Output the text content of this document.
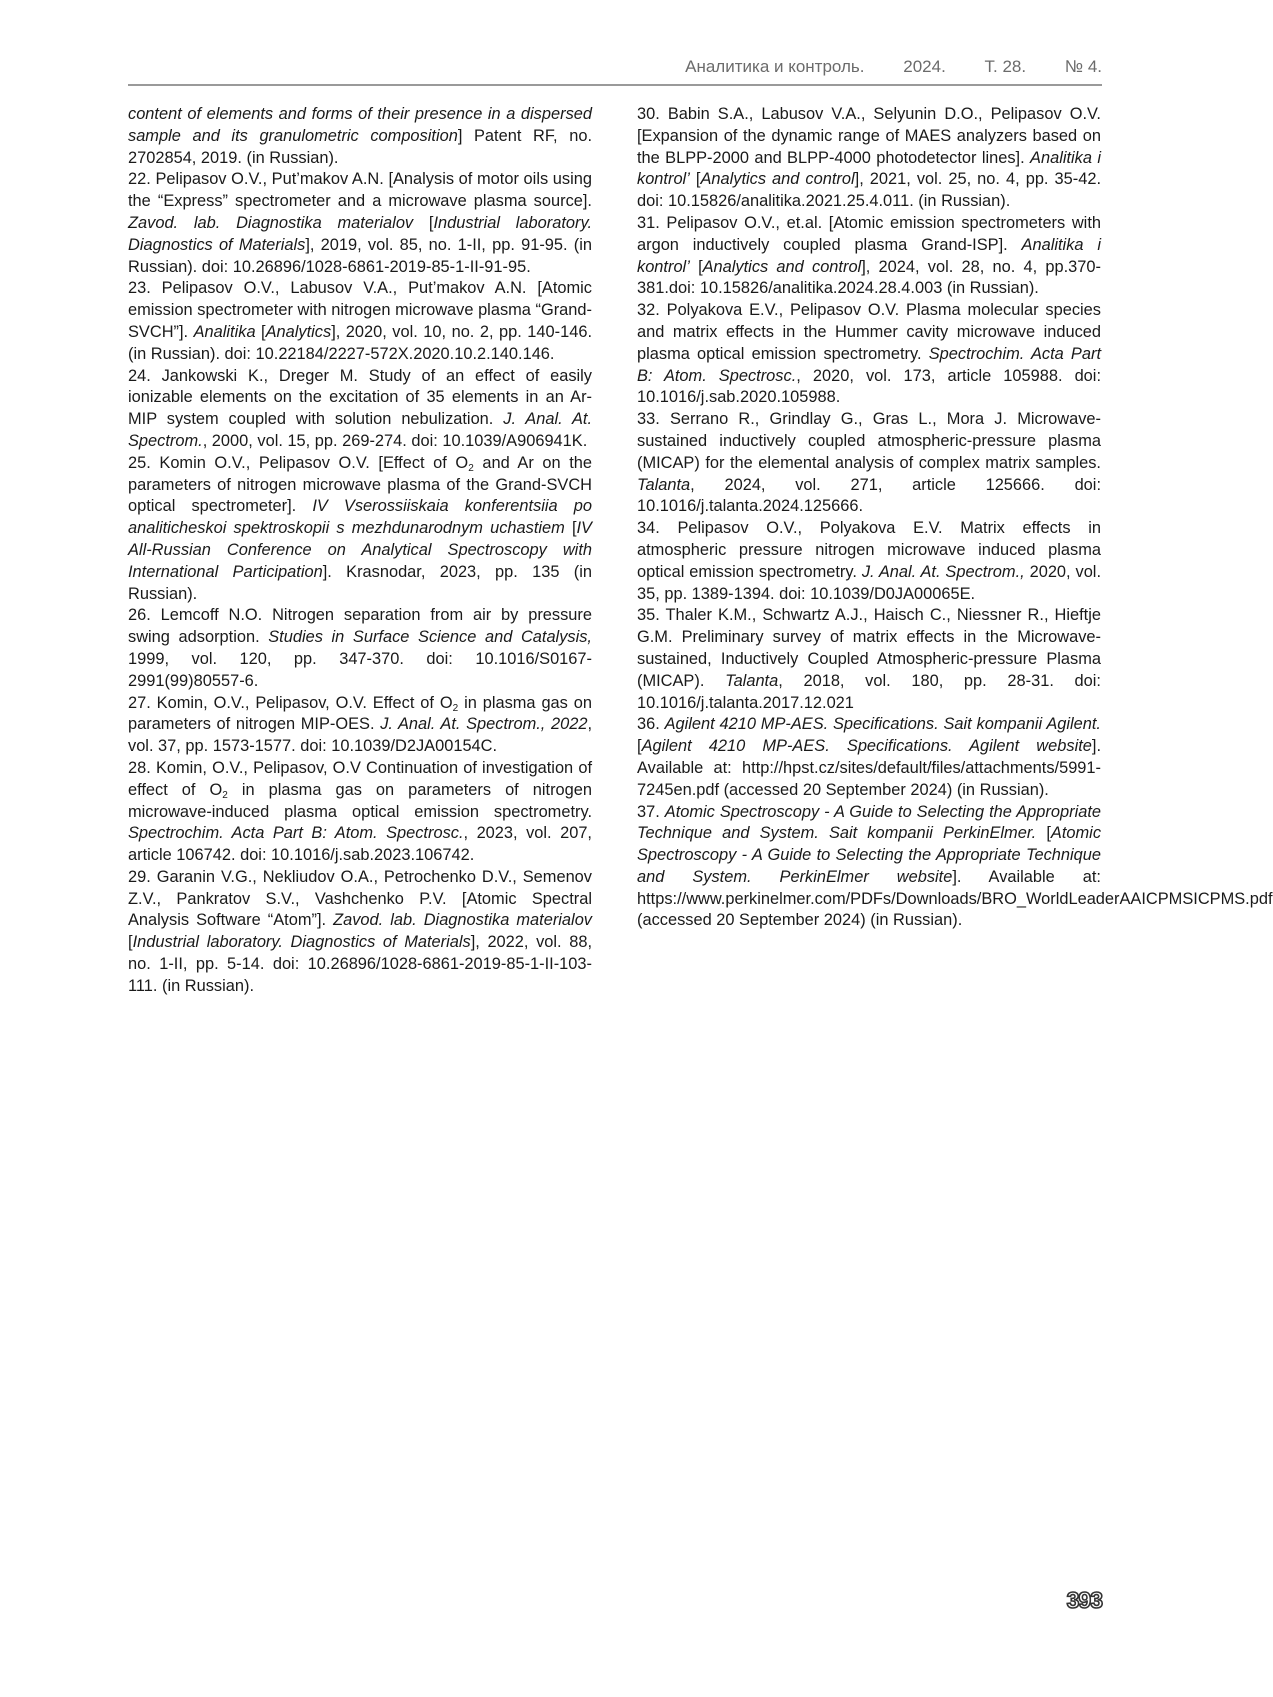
Аналитика и контроль. 2024. Т. 28. № 4.

content of elements and forms of their presence in a dispersed sample and its granulometric composition] Patent RF, no. 2702854, 2019. (in Russian).

22. Pelipasov O.V., Put’makov A.N. [Analysis of motor oils using the “Express” spectrometer and a microwave plasma source]. Zavod. lab. Diagnostika materialov [Industrial laboratory. Diagnostics of Materials], 2019, vol. 85, no. 1-II, pp. 91-95. (in Russian). doi: 10.26896/1028-6861-2019-85-1-II-91-95.

23. Pelipasov O.V., Labusov V.A., Put’makov A.N. [Atomic emission spectrometer with nitrogen microwave plasma “Grand-SVCH”]. Analitika [Analytics], 2020, vol. 10, no. 2, pp. 140-146. (in Russian). doi: 10.22184/2227-572X.2020.10.2.140.146.

24. Jankowski K., Dreger M. Study of an effect of easily ionizable elements on the excitation of 35 elements in an Ar-MIP system coupled with solution nebulization. J. Anal. At. Spectrom., 2000, vol. 15, pp. 269-274. doi: 10.1039/A906941K.

25. Komin O.V., Pelipasov O.V. [Effect of $O_2$ and Ar on the parameters of nitrogen microwave plasma of the Grand-SVCH optical spectrometer]. IV Vserossiiskaia konferentsiia po analiticheskoi spektroskopii s mezhdunarodnym uchastiem [IV All-Russian Conference on Analytical Spectroscopy with International Participation]. Krasnodar, 2023, pp. 135 (in Russian).

26. Lemcoff N.O. Nitrogen separation from air by pressure swing adsorption. Studies in Surface Science and Catalysis, 1999, vol. 120, pp. 347-370. doi: 10.1016/S0167-2991(99)80557-6.

27. Komin, O.V., Pelipasov, O.V. Effect of $O_2$ in plasma gas on parameters of nitrogen MIP-OES. J. Anal. At. Spectrom., 2022, vol. 37, pp. 1573-1577. doi: 10.1039/D2JA00154C.

28. Komin, O.V., Pelipasov, O.V Continuation of investigation of effect of $O_2$ in plasma gas on parameters of nitrogen microwave-induced plasma optical emission spectrometry. Spectrochim. Acta Part B: Atom. Spectrosc., 2023, vol. 207, article 106742. doi: 10.1016/j.sab.2023.106742.

29. Garanin V.G., Nekliudov O.A., Petrochenko D.V., Semenov Z.V., Pankratov S.V., Vashchenko P.V. [Atomic Spectral Analysis Software “Atom”]. Zavod. lab. Diagnostika materialov [Industrial laboratory. Diagnostics of Materials], 2022, vol. 88, no. 1-II, pp. 5-14. doi: 10.26896/1028-6861-2019-85-1-II-103-111. (in Russian).

30. Babin S.A., Labusov V.A., Selyunin D.O., Pelipasov O.V. [Expansion of the dynamic range of MAES analyzers based on the BLPP-2000 and BLPP-4000 photodetector lines]. Analitika i kontrol’ [Analytics and control], 2021, vol. 25, no. 4, pp. 35-42. doi: 10.15826/analitika.2021.25.4.011. (in Russian).

31. Pelipasov O.V., et.al. [Atomic emission spectrometers with argon inductively coupled plasma Grand-ISP]. Analitika i kontrol’ [Analytics and control], 2024, vol. 28, no. 4, pp.370-381.doi: 10.15826/analitika.2024.28.4.003 (in Russian).

32. Polyakova E.V., Pelipasov O.V. Plasma molecular species and matrix effects in the Hummer cavity microwave induced plasma optical emission spectrometry. Spectrochim. Acta Part B: Atom. Spectrosc., 2020, vol. 173, article 105988. doi: 10.1016/j.sab.2020.105988.

33. Serrano R., Grindlay G., Gras L., Mora J. Microwave-sustained inductively coupled atmospheric-pressure plasma (MICAP) for the elemental analysis of complex matrix samples. Talanta, 2024, vol. 271, article 125666. doi: 10.1016/j.talanta.2024.125666.

34. Pelipasov O.V., Polyakova E.V. Matrix effects in atmospheric pressure nitrogen microwave induced plasma optical emission spectrometry. J. Anal. At. Spectrom., 2020, vol. 35, pp. 1389-1394. doi: 10.1039/D0JA00065E.

35. Thaler K.M., Schwartz A.J., Haisch C., Niessner R., Hieftje G.M. Preliminary survey of matrix effects in the Microwave-sustained, Inductively Coupled Atmospheric-pressure Plasma (MICAP). Talanta, 2018, vol. 180, pp. 28-31. doi: 10.1016/j.talanta.2017.12.021

36. Agilent 4210 MP-AES. Specifications. Sait kompanii Agilent. [Agilent 4210 MP-AES. Specifications. Agilent website]. Available at: http://hpst.cz/sites/default/files/attachments/5991-7245en.pdf (accessed 20 September 2024) (in Russian).

37. Atomic Spectroscopy - A Guide to Selecting the Appropriate Technique and System. Sait kompanii PerkinElmer. [Atomic Spectroscopy - A Guide to Selecting the Appropriate Technique and System. PerkinElmer website]. Available at: https://www.perkinelmer.com/PDFs/Downloads/BRO_WorldLeaderAAICPMSICPMS.pdf (accessed 20 September 2024) (in Russian).

393
